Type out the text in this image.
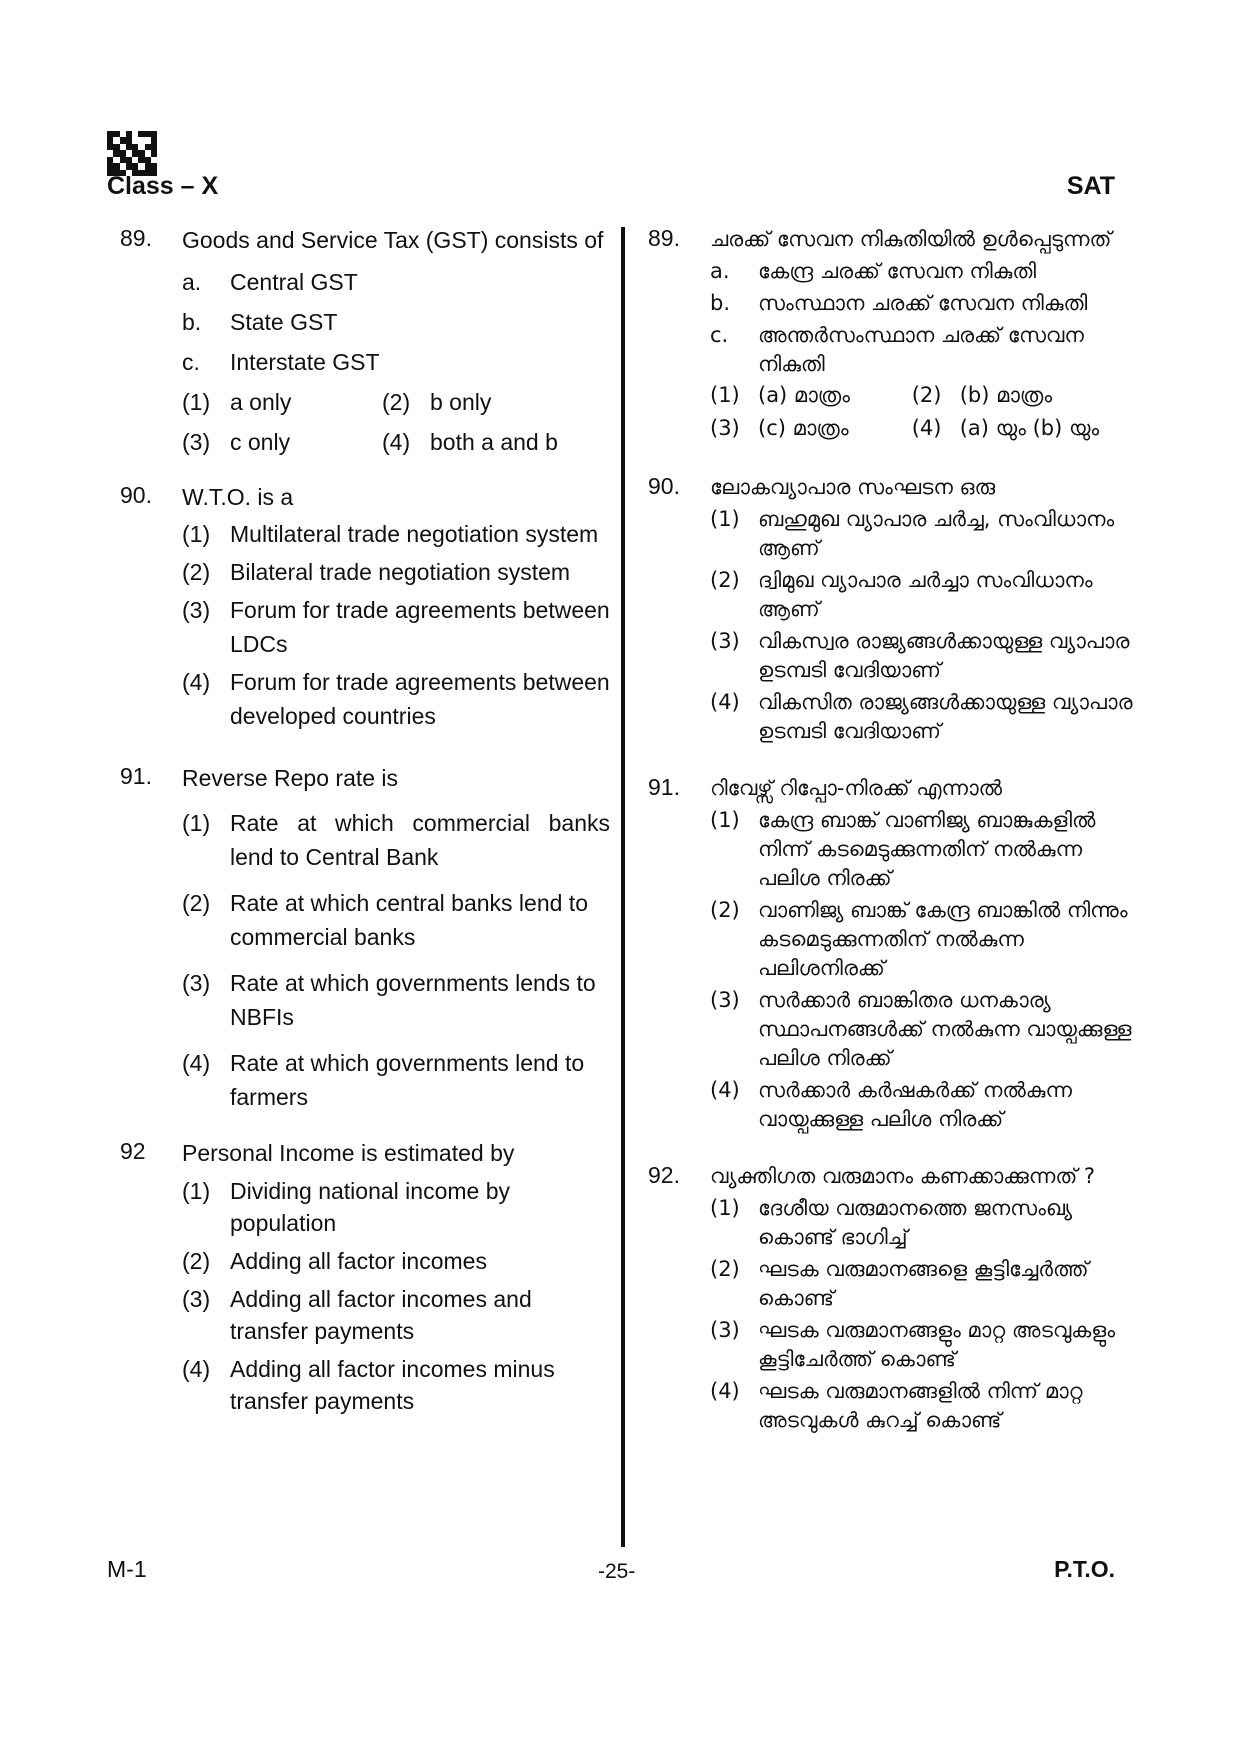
Class – X	SAT
89. Goods and Service Tax (GST) consists of
a.	Central GST
b.	State GST
c.	Interstate GST
(1) a only	(2) b only
(3) c only	(4) both a and b
90. W.T.O. is a
(1) Multilateral trade negotiation system
(2) Bilateral trade negotiation system
(3) Forum for trade agreements between LDCs
(4) Forum for trade agreements between developed countries
91. Reverse Repo rate is
(1) Rate at which commercial banks lend to Central Bank
(2) Rate at which central banks lend to commercial banks
(3) Rate at which governments lends to NBFIs
(4) Rate at which governments lend to farmers
92 Personal Income is estimated by
(1) Dividing national income by population
(2) Adding all factor incomes
(3) Adding all factor incomes and transfer payments
(4) Adding all factor incomes minus transfer payments
89. ചരക്ക് സേവന നികുതിയിൽ ഉൾപ്പെടുന്നത്
a.	കേന്ദ്ര ചരക്ക് സേവന നികുതി
b.	സംസ്ഥാന ചരക്ക് സേവന നികുതി
c.	അന്തർസംസ്ഥാന ചരക്ക് സേവന നികുതി
(1) (a) മാത്രം	(2) (b) മാത്രം
(3) (c) മാത്രം	(4) (a) യും (b) യും
90. ലോകവ്യാപാര സംഘടന ഒരു
(1) ബഹുമുഖ വ്യാപാര ചർച്ച, സംവിധാനം ആണ്
(2) ദ്വിമുഖ വ്യാപാര ചർച്ചാ സംവിധാനം ആണ്
(3) വികസ്വര രാജ്യങ്ങൾക്കായുള്ള വ്യാപാര ഉടമ്പടി വേദിയാണ്
(4) വികസിത രാജ്യങ്ങൾക്കായുള്ള വ്യാപാര ഉടമ്പടി വേദിയാണ്
91. റിവേഴ്സ് റിപ്പോ-നിരക്ക് എന്നാൽ
(1) കേന്ദ്ര ബാങ്ക് വാണിജ്യ ബാങ്കുകളിൽ നിന്ന് കടമെടുക്കുന്നതിന് നൽകുന്ന പലിശ നിരക്ക്
(2) വാണിജ്യ ബാങ്ക് കേന്ദ്ര ബാങ്കിൽ നിന്നും കടമെടുക്കുന്നതിന് നൽകുന്ന പലിശനിരക്ക്
(3) സർക്കാർ ബാങ്കിതര ധനകാര്യ സ്ഥാപനങ്ങൾക്ക് നൽകുന്ന വായ്പക്കുള്ള പലിശ നിരക്ക്
(4) സർക്കാർ കർഷകർക്ക് നൽകുന്ന വായ്പക്കുള്ള പലിശ നിരക്ക്
92. വ്യക്തിഗത വരുമാനം കണക്കാക്കുന്നത് ?
(1) ദേശീയ വരുമാനത്തെ ജനസംഖ്യ കൊണ്ട് ഭാഗിച്ച്
(2) ഘടക വരുമാനങ്ങളെ കൂട്ടിച്ചേർത്ത് കൊണ്ട്
(3) ഘടക വരുമാനങ്ങളും മാറ്റ അടവുകളും കൂട്ടിചേർത്ത് കൊണ്ട്
(4) ഘടക വരുമാനങ്ങളിൽ നിന്ന് മാറ്റ അടവുകൾ കുറച്ച് കൊണ്ട്
M-1	-25-	P.T.O.
